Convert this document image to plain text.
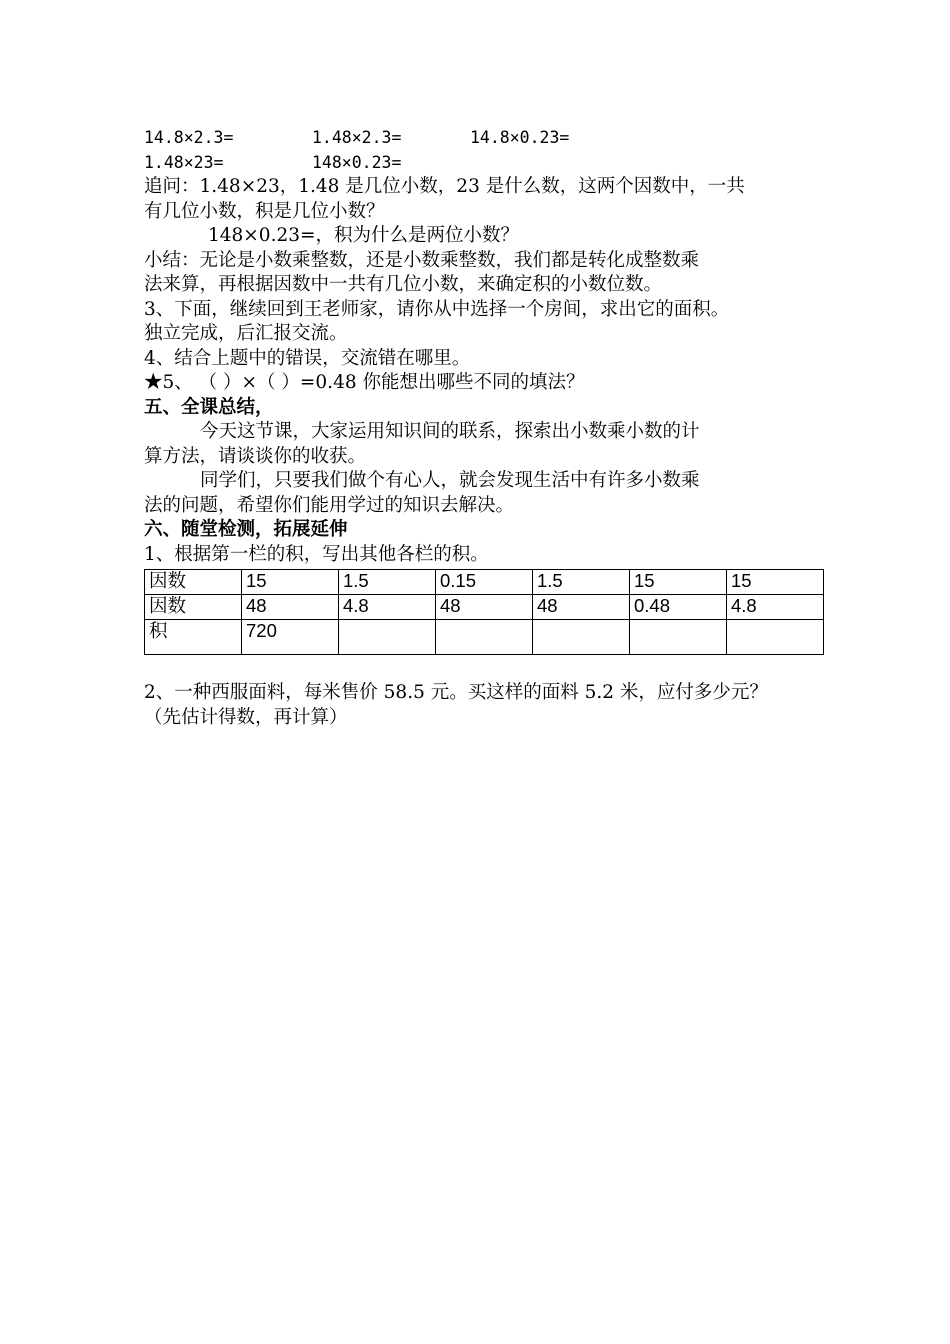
14.8×2.3=	1.48×2.3=	14.8×0.23=
1.48×23=	148×0.23=
追问：1.48×23，1.48 是几位小数，23 是什么数，这两个因数中，一共
有几位小数，积是几位小数？
148×0.23=，积为什么是两位小数？
小结：无论是小数乘整数，还是小数乘整数，我们都是转化成整数乘
法来算，再根据因数中一共有几位小数，来确定积的小数位数。
3、下面，继续回到王老师家，请你从中选择一个房间，求出它的面积。
独立完成，后汇报交流。
4、结合上题中的错误，交流错在哪里。
★5、 （ ）×（ ）=0.48 你能想出哪些不同的填法？
五、全课总结，
今天这节课，大家运用知识间的联系，探索出小数乘小数的计
算方法，请谈谈你的收获。
同学们，只要我们做个有心人，就会发现生活中有许多小数乘
法的问题，希望你们能用学过的知识去解决。
六、随堂检测，拓展延伸
1、根据第一栏的积，写出其他各栏的积。
因数	15	1.5	0.15	1.5	15	15
因数	48	4.8	48	48	0.48	4.8
积	720					
2、一种西服面料，每米售价 58.5 元。买这样的面料 5.2 米，应付多少元？
（先估计得数，再计算）
